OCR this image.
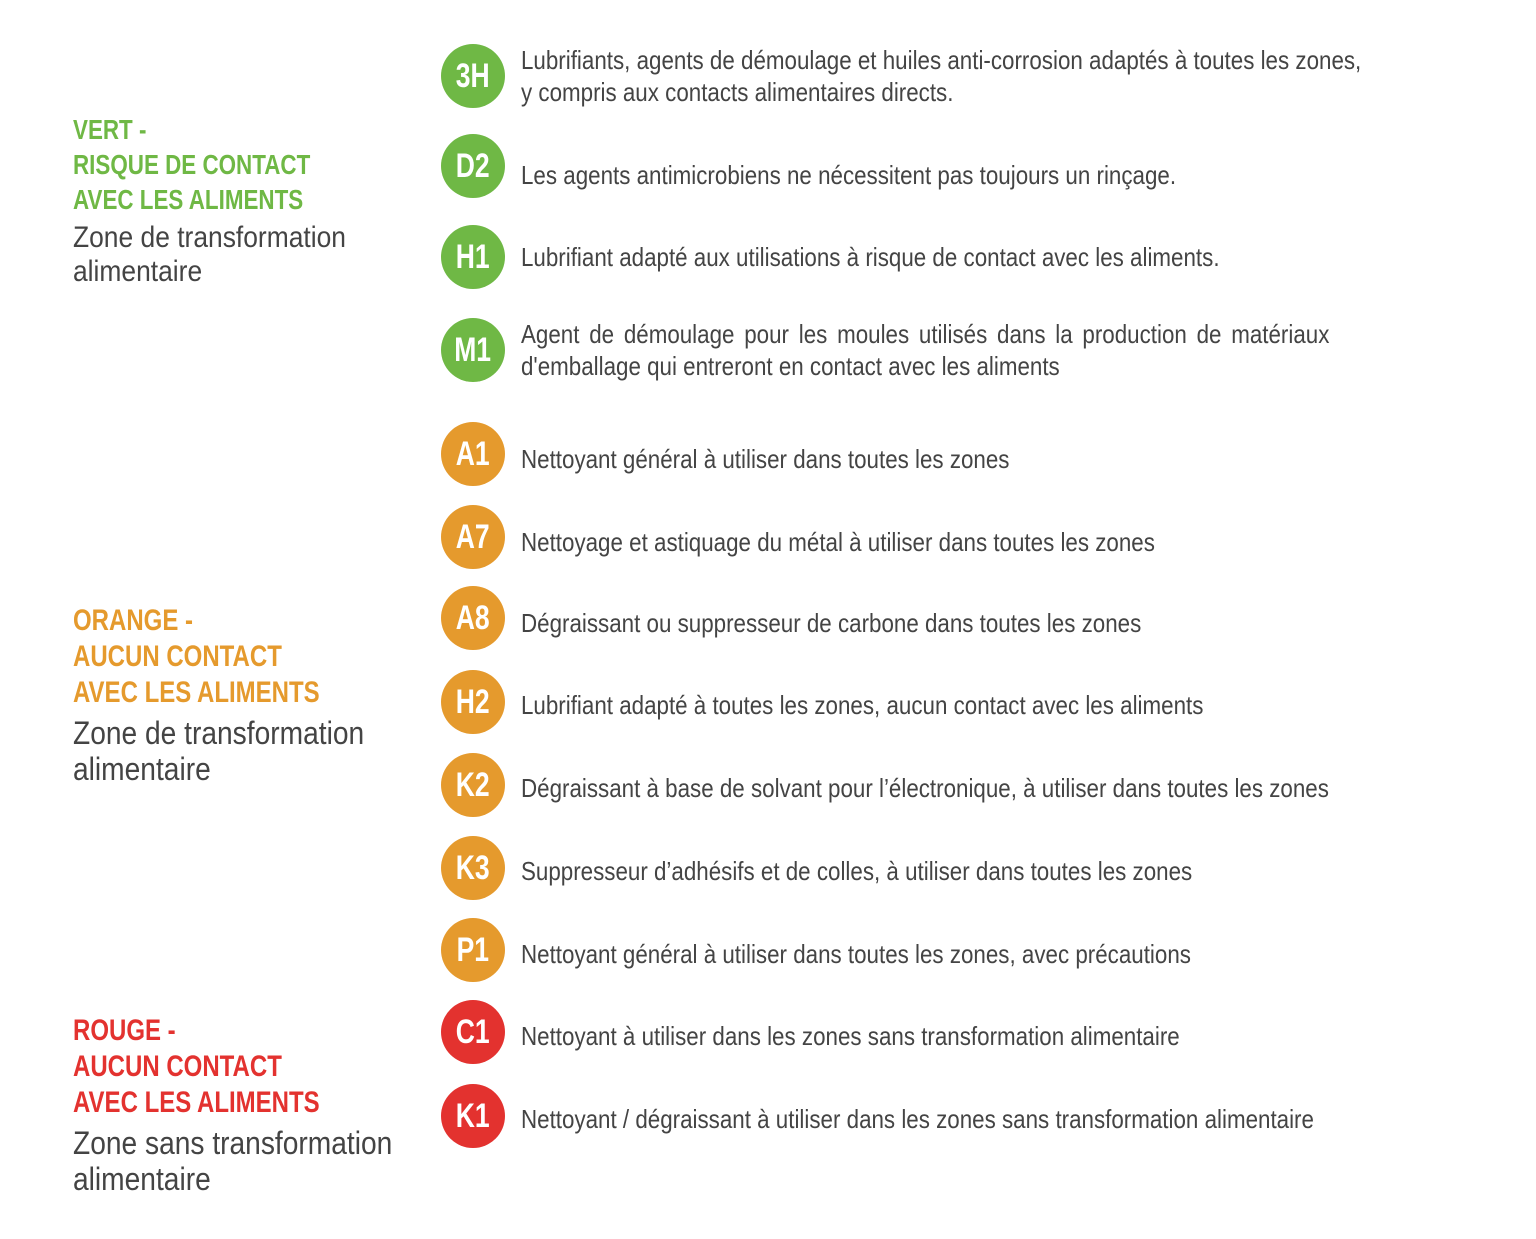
VERT -
RISQUE DE CONTACT
AVEC LES ALIMENTS

Zone de transformation
alimentaire

ORANGE -
AUCUN CONTACT
AVEC LES ALIMENTS

Zone de transformation
alimentaire

ROUGE -
AUCUN CONTACT
AVEC LES ALIMENTS

Zone sans transformation
alimentaire

3H Lubrifiants, agents de démoulage et huiles anti-corrosion adaptés à toutes les zones,
y compris aux contacts alimentaires directs.
D2 Les agents antimicrobiens ne nécessitent pas toujours un rinçage.
H1 Lubrifiant adapté aux utilisations à risque de contact avec les aliments.
M1 Agent de démoulage pour les moules utilisés dans la production de matériaux
d'emballage qui entreront en contact avec les aliments
A1 Nettoyant général à utiliser dans toutes les zones
A7 Nettoyage et astiquage du métal à utiliser dans toutes les zones
A8 Dégraissant ou suppresseur de carbone dans toutes les zones
H2 Lubrifiant adapté à toutes les zones, aucun contact avec les aliments
K2 Dégraissant à base de solvant pour l’électronique, à utiliser dans toutes les zones
K3 Suppresseur d’adhésifs et de colles, à utiliser dans toutes les zones
P1 Nettoyant général à utiliser dans toutes les zones, avec précautions
C1 Nettoyant à utiliser dans les zones sans transformation alimentaire
K1 Nettoyant / dégraissant à utiliser dans les zones sans transformation alimentaire
